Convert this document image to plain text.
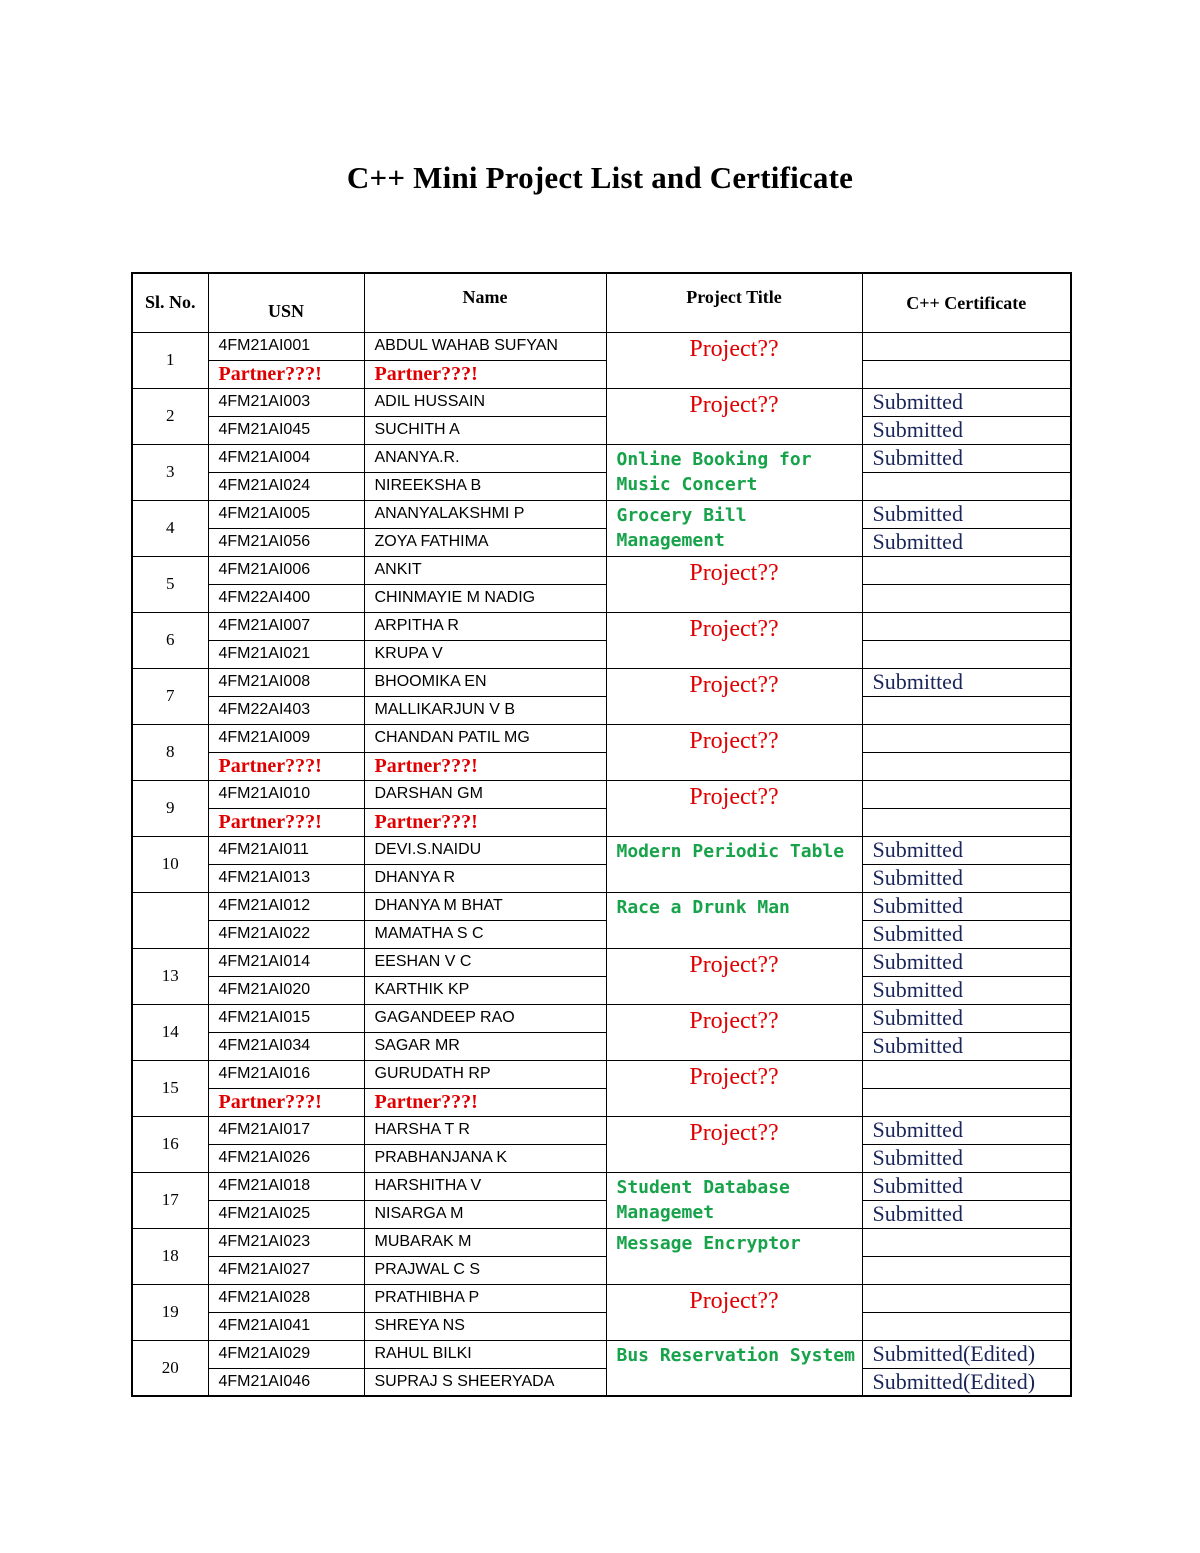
C++ Mini Project List and Certificate
Sl. No.	USN	Name	Project Title	C++ Certificate
1	4FM21AI001	ABDUL WAHAB SUFYAN	Project??	

	Partner???!	Partner???!		
2	4FM21AI003	ADIL HUSSAIN	Project??	Submitted
	4FM21AI045	SUCHITH A		Submitted
3	4FM21AI004	ANANYA.R.	Online Booking for Music Concert	Submitted
	4FM21AI024	NIREEKSHA B		
4	4FM21AI005	ANANYALAKSHMI P	Grocery Bill Management	Submitted
	4FM21AI056	ZOYA FATHIMA		Submitted
5	4FM21AI006	ANKIT	Project??	

	4FM22AI400	CHINMAYIE M NADIG		
6	4FM21AI007	ARPITHA R	Project??	

	4FM21AI021	KRUPA V		
7	4FM21AI008	BHOOMIKA EN	Project??	Submitted
	4FM22AI403	MALLIKARJUN V B		
8	4FM21AI009	CHANDAN PATIL MG	Project??	

	Partner???!	Partner???!		
9	4FM21AI010	DARSHAN GM	Project??	

	Partner???!	Partner???!		
10	4FM21AI011	DEVI.S.NAIDU	Modern Periodic Table	Submitted
	4FM21AI013	DHANYA R		Submitted
	4FM21AI012	DHANYA M BHAT	Race a Drunk Man	Submitted
	4FM21AI022	MAMATHA S C		Submitted
13	4FM21AI014	EESHAN V C	Project??	Submitted
	4FM21AI020	KARTHIK KP		Submitted
14	4FM21AI015	GAGANDEEP RAO	Project??	Submitted
	4FM21AI034	SAGAR MR		Submitted
15	4FM21AI016	GURUDATH RP	Project??	

	Partner???!	Partner???!		
16	4FM21AI017	HARSHA T R	Project??	Submitted
	4FM21AI026	PRABHANJANA K		Submitted
17	4FM21AI018	HARSHITHA V	Student Database Managemet	Submitted
	4FM21AI025	NISARGA M		Submitted
18	4FM21AI023	MUBARAK M	Message Encryptor	

	4FM21AI027	PRAJWAL C S		
19	4FM21AI028	PRATHIBHA P	Project??	

	4FM21AI041	SHREYA NS		
20	4FM21AI029	RAHUL BILKI	Bus Reservation System	Submitted(Edited)
	4FM21AI046	SUPRAJ S SHEERYADA		Submitted(Edited)
